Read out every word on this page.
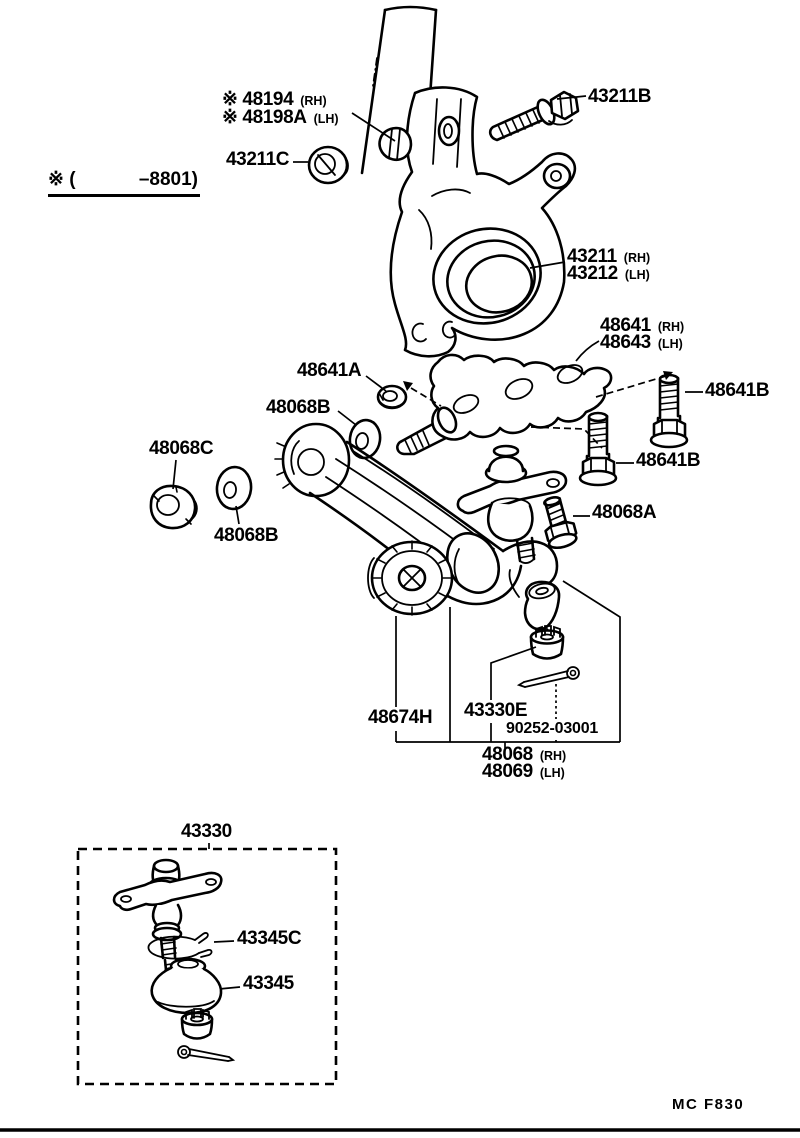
※ 48194 (RH)
※ 48198A (LH)
43211C
※ (	–8801)
43211B
43211 (RH)
43212 (LH)
48641 (RH)
48643 (LH)
48641A
48068B
48641B
48641B
48068C
48068B
48068A
48674H 43330E
90252-03001
48068 (RH)
48069 (LH)
43330
43345C
43345
MC F830
